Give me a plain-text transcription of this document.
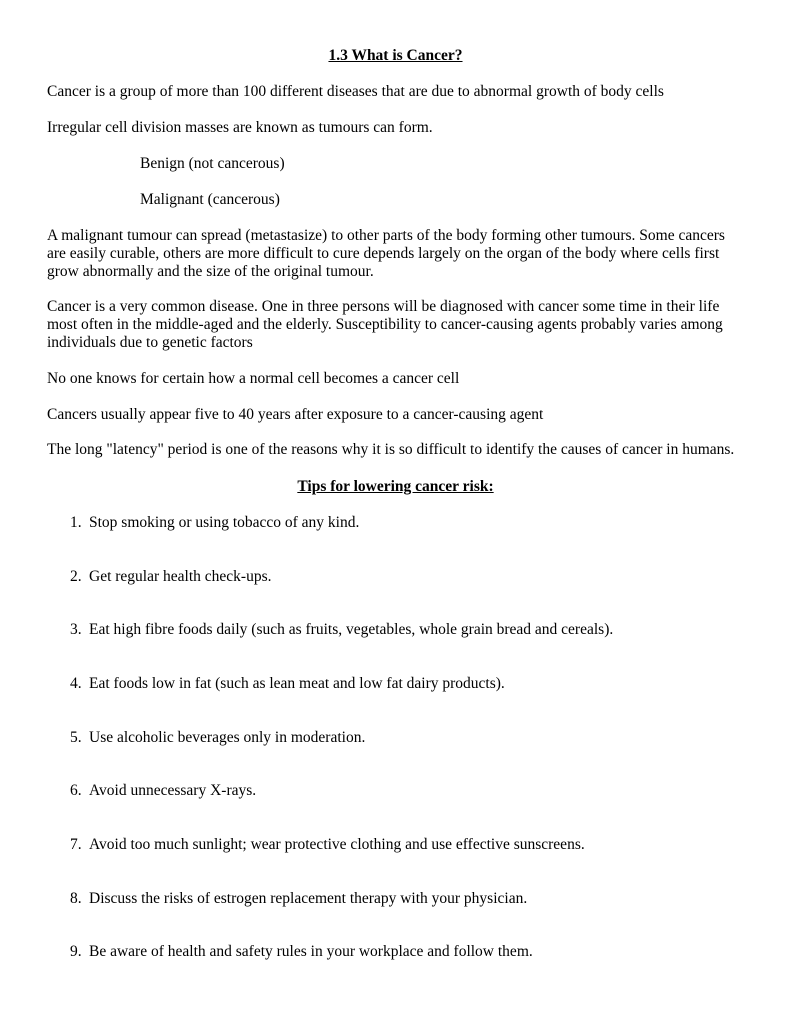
1.3 What is Cancer?

Cancer is a group of more than 100 different diseases that are due to abnormal growth of body cells

Irregular cell division masses are known as tumours can form.

Benign (not cancerous)

Malignant (cancerous)

A malignant tumour can spread (metastasize) to other parts of the body forming other tumours. Some cancers are easily curable, others are more difficult to cure depends largely on the organ of the body where cells first grow abnormally and the size of the original tumour.

Cancer is a very common disease. One in three persons will be diagnosed with cancer some time in their life most often in the middle-aged and the elderly. Susceptibility to cancer-causing agents probably varies among individuals due to genetic factors

No one knows for certain how a normal cell becomes a cancer cell

Cancers usually appear five to 40 years after exposure to a cancer-causing agent

The long "latency" period is one of the reasons why it is so difficult to identify the causes of cancer in humans.

Tips for lowering cancer risk:

1. Stop smoking or using tobacco of any kind.

2. Get regular health check-ups.

3. Eat high fibre foods daily (such as fruits, vegetables, whole grain bread and cereals).

4. Eat foods low in fat (such as lean meat and low fat dairy products).

5. Use alcoholic beverages only in moderation.

6. Avoid unnecessary X-rays.

7. Avoid too much sunlight; wear protective clothing and use effective sunscreens.

8. Discuss the risks of estrogen replacement therapy with your physician.

9. Be aware of health and safety rules in your workplace and follow them.
